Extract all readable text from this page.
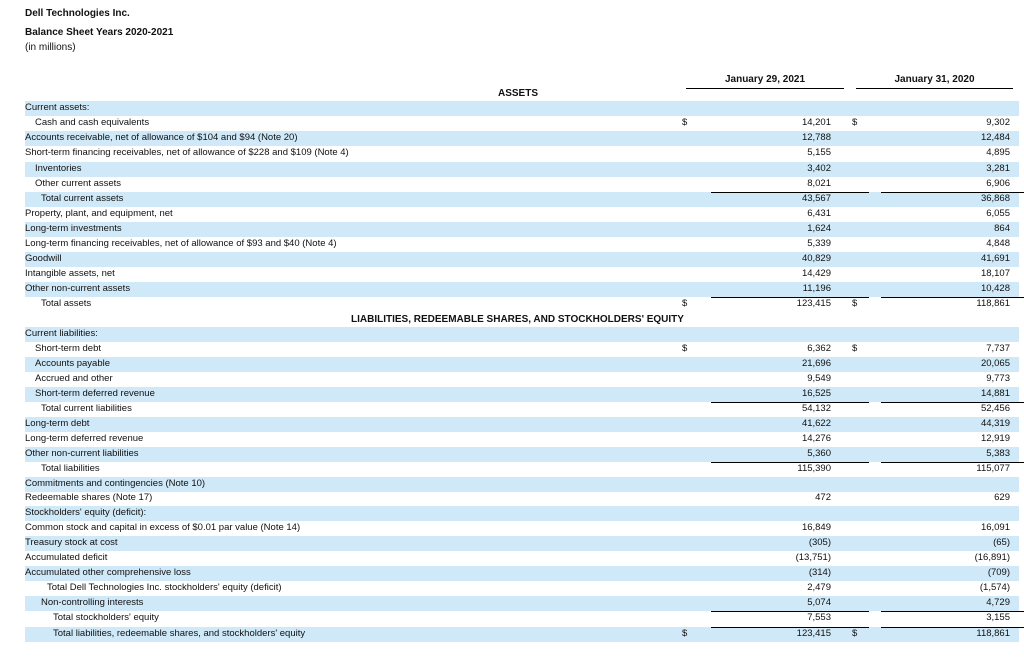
Dell Technologies Inc.
Balance Sheet Years 2020-2021
(in millions)
January 29, 2021	January 31, 2020
ASSETS
LIABILITIES, REDEEMABLE SHARES, AND STOCKHOLDERS' EQUITY
Current assets:
Cash and cash equivalents	$	14,201 $	9,302
Accounts receivable, net of allowance of $104 and $94 (Note 20)	12,788	12,484
Short-term financing receivables, net of allowance of $228 and $109 (Note 4)	5,155	4,895
Inventories	3,402	3,281
Other current assets	8,021	6,906
Total current assets	43,567	36,868
Property, plant, and equipment, net	6,431	6,055
Long-term investments	1,624	864
Long-term financing receivables, net of allowance of $93 and $40 (Note 4)	5,339	4,848
Goodwill	40,829	41,691
Intangible assets, net	14,429	18,107
Other non-current assets	11,196	10,428
Total assets	$	123,415 $	118,861
Current liabilities:
Short-term debt	$	6,362 $	7,737
Accounts payable	21,696	20,065
Accrued and other	9,549	9,773
Short-term deferred revenue	16,525	14,881
Total current liabilities	54,132	52,456
Long-term debt	41,622	44,319
Long-term deferred revenue	14,276	12,919
Other non-current liabilities	5,360	5,383
Total liabilities	115,390	115,077
Commitments and contingencies (Note 10)
Redeemable shares (Note 17)	472	629
Stockholders' equity (deficit):
Common stock and capital in excess of $0.01 par value (Note 14)	16,849	16,091
Treasury stock at cost	(305)	(65)
Accumulated deficit	(13,751)	(16,891)
Accumulated other comprehensive loss	(314)	(709)
Total Dell Technologies Inc. stockholders' equity (deficit)	2,479	(1,574)
Non-controlling interests	5,074	4,729
Total stockholders' equity	7,553	3,155
Total liabilities, redeemable shares, and stockholders' equity	$	123,415 $	118,861
